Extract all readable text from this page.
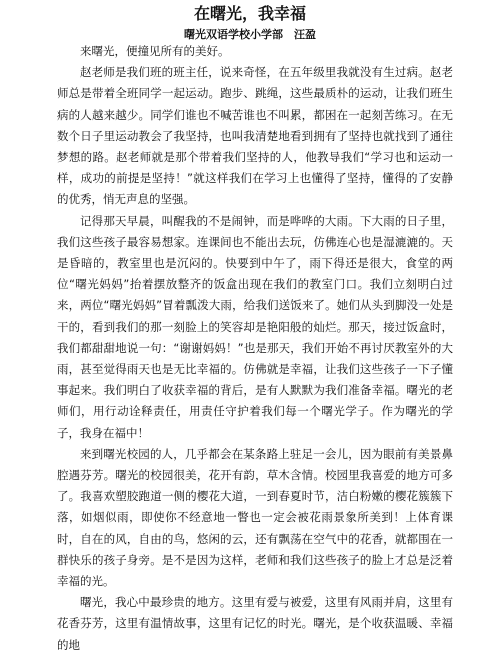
在曙光，我幸福
曙光双语学校小学部　汪盈

来曙光，便撞见所有的美好。

赵老师是我们班的班主任，说来奇怪，在五年级里我就没有生过病。赵老师总是带着全班同学一起运动。跑步、跳绳，这些最质朴的运动，让我们班生病的人越来越少。同学们谁也不喊苦谁也不叫累，都困在一起刻苦练习。在无数个日子里运动教会了我坚持，也叫我清楚地看到拥有了坚持也就找到了通往梦想的路。赵老师就是那个带着我们坚持的人，他教导我们“学习也和运动一样，成功的前提是坚持！”就这样我们在学习上也懂得了坚持，懂得的了安静的优秀，悄无声息的坚强。

记得那天早晨，叫醒我的不是闹钟，而是哗哗的大雨。下大雨的日子里，我们这些孩子最容易想家。连课间也不能出去玩，仿佛连心也是湿漉漉的。天是昏暗的，教室里也是沉闷的。快要到中午了，雨下得还是很大，食堂的两位“曙光妈妈”抬着摆放整齐的饭盒出现在我们的教室门口。我们立刻明白过来，两位“曙光妈妈”冒着瓢泼大雨，给我们送饭来了。她们从头到脚没一处是干的，看到我们的那一刻脸上的笑容却是艳阳般的灿烂。那天，接过饭盒时，我们都甜甜地说一句：“谢谢妈妈！”也是那天，我们开始不再讨厌教室外的大雨，甚至觉得雨天也是无比幸福的。仿佛就是幸福，让我们这些孩子一下子懂事起来。我们明白了收获幸福的背后，是有人默默为我们准备幸福。曙光的老师们，用行动诠释责任，用责任守护着我们每一个曙光学子。作为曙光的学子，我身在福中！

来到曙光校园的人，几乎都会在某条路上驻足一会儿，因为眼前有美景鼻腔遇芬芳。曙光的校园很美，花开有韵，草木含情。校园里我喜爱的地方可多了。我喜欢塑胶跑道一侧的樱花大道，一到春夏时节，洁白粉嫩的樱花簇簇下落，如烟似雨，即使你不经意地一瞥也一定会被花雨景象所美到！上体育课时，自在的风，自由的鸟，悠闲的云，还有飘荡在空气中的花香，就都围在一群快乐的孩子身旁。是不是因为这样，老师和我们这些孩子的脸上才总是泛着幸福的光。

曙光，我心中最珍贵的地方。这里有爱与被爱，这里有风雨并肩，这里有花香芬芳，这里有温情故事，这里有记忆的时光。曙光，是个收获温暖、幸福的地
